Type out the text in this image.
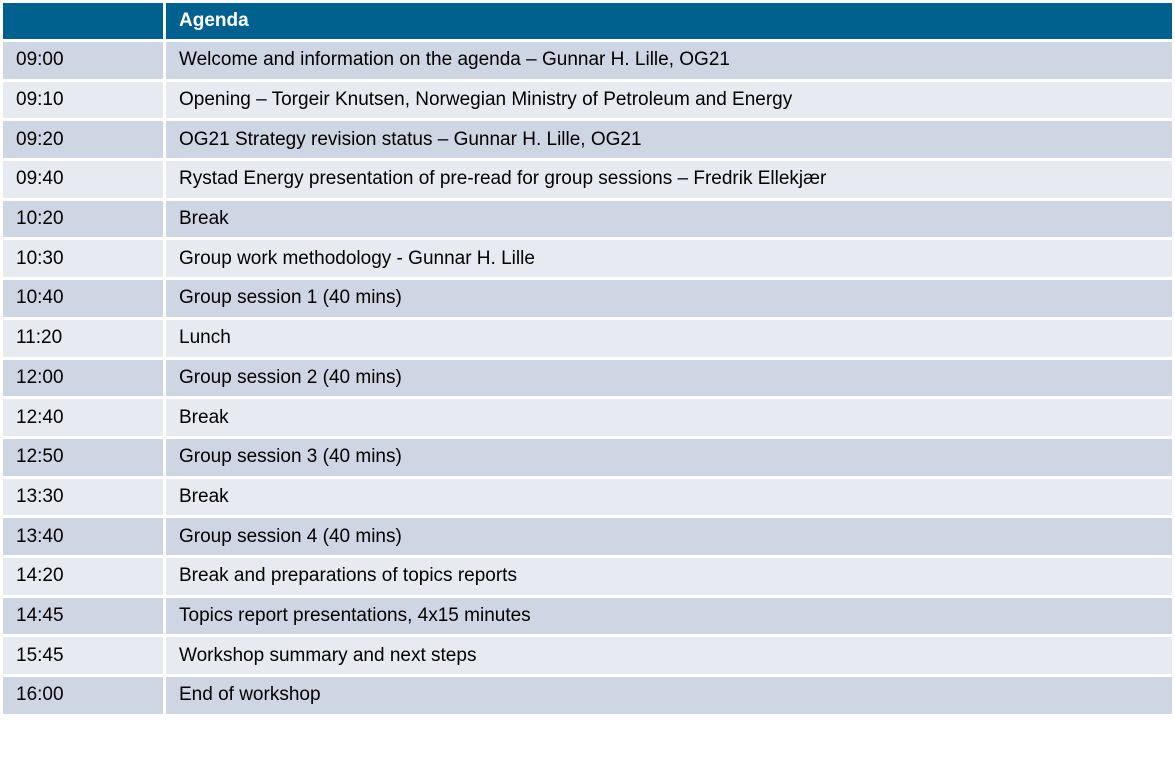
	Agenda
09:00	Welcome and information on the agenda – Gunnar H. Lille, OG21
09:10	Opening – Torgeir Knutsen, Norwegian Ministry of Petroleum and Energy
09:20	OG21 Strategy revision status – Gunnar H. Lille, OG21
09:40	Rystad Energy presentation of pre-read for group sessions – Fredrik Ellekjær
10:20	Break
10:30	Group work methodology - Gunnar H. Lille
10:40	Group session 1 (40 mins)
11:20	Lunch
12:00	Group session 2 (40 mins)
12:40	Break
12:50	Group session 3 (40 mins)
13:30	Break
13:40	Group session 4 (40 mins)
14:20	Break and preparations of topics reports
14:45	Topics report presentations, 4x15 minutes
15:45	Workshop summary and next steps
16:00	End of workshop
